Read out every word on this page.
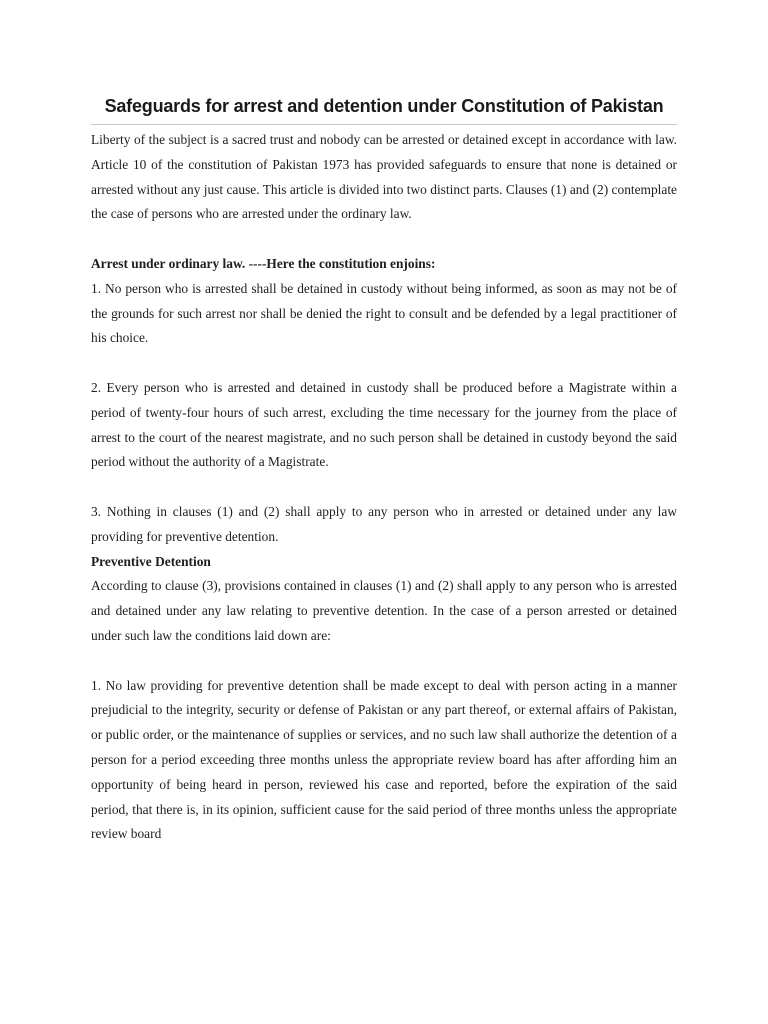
Safeguards for arrest and detention under Constitution of Pakistan

Liberty of the subject is a sacred trust and nobody can be arrested or detained except in accordance with law. Article 10 of the constitution of Pakistan 1973 has provided safeguards to ensure that none is detained or arrested without any just cause. This article is divided into two distinct parts. Clauses (1) and (2) contemplate the case of persons who are arrested under the ordinary law.

Arrest under ordinary law. ----Here the constitution enjoins:

1. No person who is arrested shall be detained in custody without being informed, as soon as may not be of the grounds for such arrest nor shall be denied the right to consult and be defended by a legal practitioner of his choice.

2. Every person who is arrested and detained in custody shall be produced before a Magistrate within a period of twenty-four hours of such arrest, excluding the time necessary for the journey from the place of arrest to the court of the nearest magistrate, and no such person shall be detained in custody beyond the said period without the authority of a Magistrate.

3. Nothing in clauses (1) and (2) shall apply to any person who in arrested or detained under any law providing for preventive detention.

Preventive Detention

According to clause (3), provisions contained in clauses (1) and (2) shall apply to any person who is arrested and detained under any law relating to preventive detention. In the case of a person arrested or detained under such law the conditions laid down are:

1. No law providing for preventive detention shall be made except to deal with person acting in a manner prejudicial to the integrity, security or defense of Pakistan or any part thereof, or external affairs of Pakistan, or public order, or the maintenance of supplies or services, and no such law shall authorize the detention of a person for a period exceeding three months unless the appropriate review board has after affording him an opportunity of being heard in person, reviewed his case and reported, before the expiration of the said period, that there is, in its opinion, sufficient cause for the said period of three months unless the appropriate review board
